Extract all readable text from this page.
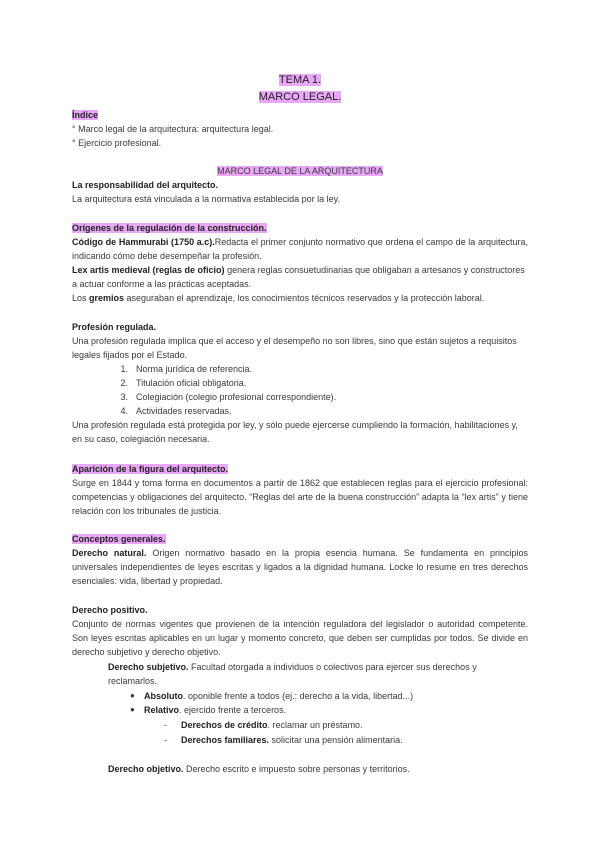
TEMA 1.
MARCO LEGAL.
Índice
° Marco legal de la arquitectura: arquitectura legal.
° Ejercicio profesional.
MARCO LEGAL DE LA ARQUITECTURA
La responsabilidad del arquitecto.
La arquitectura está vinculada a la normativa establecida por la ley.
Orígenes de la regulación de la construcción.
Código de Hammurabi (1750 a.c).Redacta el primer conjunto normativo que ordena el campo de la arquitectura, indicando cómo debe desempeñar la profesión.
Lex artis medieval (reglas de oficio) genera reglas consuetudinarias que obligaban a artesanos y constructores a actuar conforme a las prácticas aceptadas.
Los gremios aseguraban el aprendizaje, los conocimientos técnicos reservados y la protección laboral.
Profesión regulada.
Una profesión regulada implica que el acceso y el desempeño no son libres, sino que están sujetos a requisitos legales fijados por el Estado.
1. Norma jurídica de referencia.
2. Titulación oficial obligatoria.
3. Colegiación (colegio profesional correspondiente).
4. Actividades reservadas.
Una profesión regulada está protegida por ley, y sólo puede ejercerse cumpliendo la formación, habilitaciones y, en su caso, colegiación necesaria.
Aparición de la figura del arquitecto.
Surge en 1844 y toma forma en documentos a partir de 1862 que establecen reglas para el ejercicio profesional: competencias y obligaciones del arquitecto. “Reglas del arte de la buena construcción” adapta la “lex artis” y tiene relación con los tribunales de justicia.
Conceptos generales.
Derecho natural. Origen normativo basado en la propia esencia humana. Se fundamenta en principios universales independientes de leyes escritas y ligados a la dignidad humana. Locke lo resume en tres derechos esenciales: vida, libertad y propiedad.
Derecho positivo.
Conjunto de normas vigentes que provienen de la intención reguladora del legislador o autoridad competente. Son leyes escritas aplicables en un lugar y momento concreto, que deben ser cumplidas por todos. Se divide en derecho subjetivo y derecho objetivo.
Derecho subjetivo. Facultad otorgada a individuos o colectivos para ejercer sus derechos y reclamarlos.
● Absoluto. oponible frente a todos (ej.: derecho a la vida, libertad...)
● Relativo. ejercido frente a terceros.
- Derechos de crédito. reclamar un préstamo.
- Derechos familiares. solicitar una pensión alimentaria.
Derecho objetivo. Derecho escrito e impuesto sobre personas y territorios.
